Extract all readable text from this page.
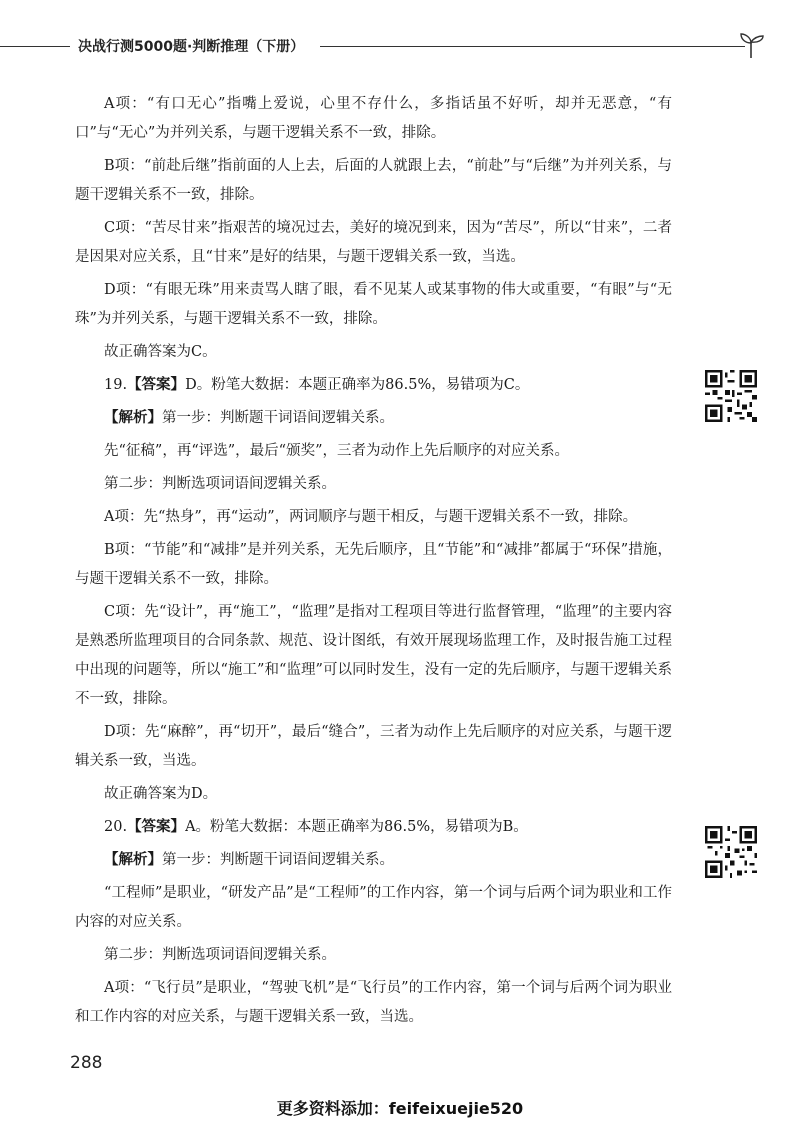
决战行测5000题·判断推理（下册）

A项：“有口无心”指嘴上爱说，心里不存什么，多指话虽不好听，却并无恶意，“有口”与“无心”为并列关系，与题干逻辑关系不一致，排除。

B项：“前赴后继”指前面的人上去，后面的人就跟上去，“前赴”与“后继”为并列关系，与题干逻辑关系不一致，排除。

C项：“苦尽甘来”指艰苦的境况过去，美好的境况到来，因为“苦尽”，所以“甘来”，二者是因果对应关系，且“甘来”是好的结果，与题干逻辑关系一致，当选。

D项：“有眼无珠”用来责骂人瞎了眼，看不见某人或某事物的伟大或重要，“有眼”与“无珠”为并列关系，与题干逻辑关系不一致，排除。

故正确答案为C。

19.【答案】D。粉笔大数据：本题正确率为86.5%，易错项为C。

【解析】第一步：判断题干词语间逻辑关系。

先“征稿”，再“评选”，最后“颁奖”，三者为动作上先后顺序的对应关系。

第二步：判断选项词语间逻辑关系。

A项：先“热身”，再“运动”，两词顺序与题干相反，与题干逻辑关系不一致，排除。

B项：“节能”和“减排”是并列关系，无先后顺序，且“节能”和“减排”都属于“环保”措施，与题干逻辑关系不一致，排除。

C项：先“设计”，再“施工”，“监理”是指对工程项目等进行监督管理，“监理”的主要内容是熟悉所监理项目的合同条款、规范、设计图纸，有效开展现场监理工作，及时报告施工过程中出现的问题等，所以“施工”和“监理”可以同时发生，没有一定的先后顺序，与题干逻辑关系不一致，排除。

D项：先“麻醉”，再“切开”，最后“缝合”，三者为动作上先后顺序的对应关系，与题干逻辑关系一致，当选。

故正确答案为D。

20.【答案】A。粉笔大数据：本题正确率为86.5%，易错项为B。

【解析】第一步：判断题干词语间逻辑关系。

“工程师”是职业，“研发产品”是“工程师”的工作内容，第一个词与后两个词为职业和工作内容的对应关系。

第二步：判断选项词语间逻辑关系。

A项：“飞行员”是职业，“驾驶飞机”是“飞行员”的工作内容，第一个词与后两个词为职业和工作内容的对应关系，与题干逻辑关系一致，当选。

288
更多资料添加：feifeixuejie520
